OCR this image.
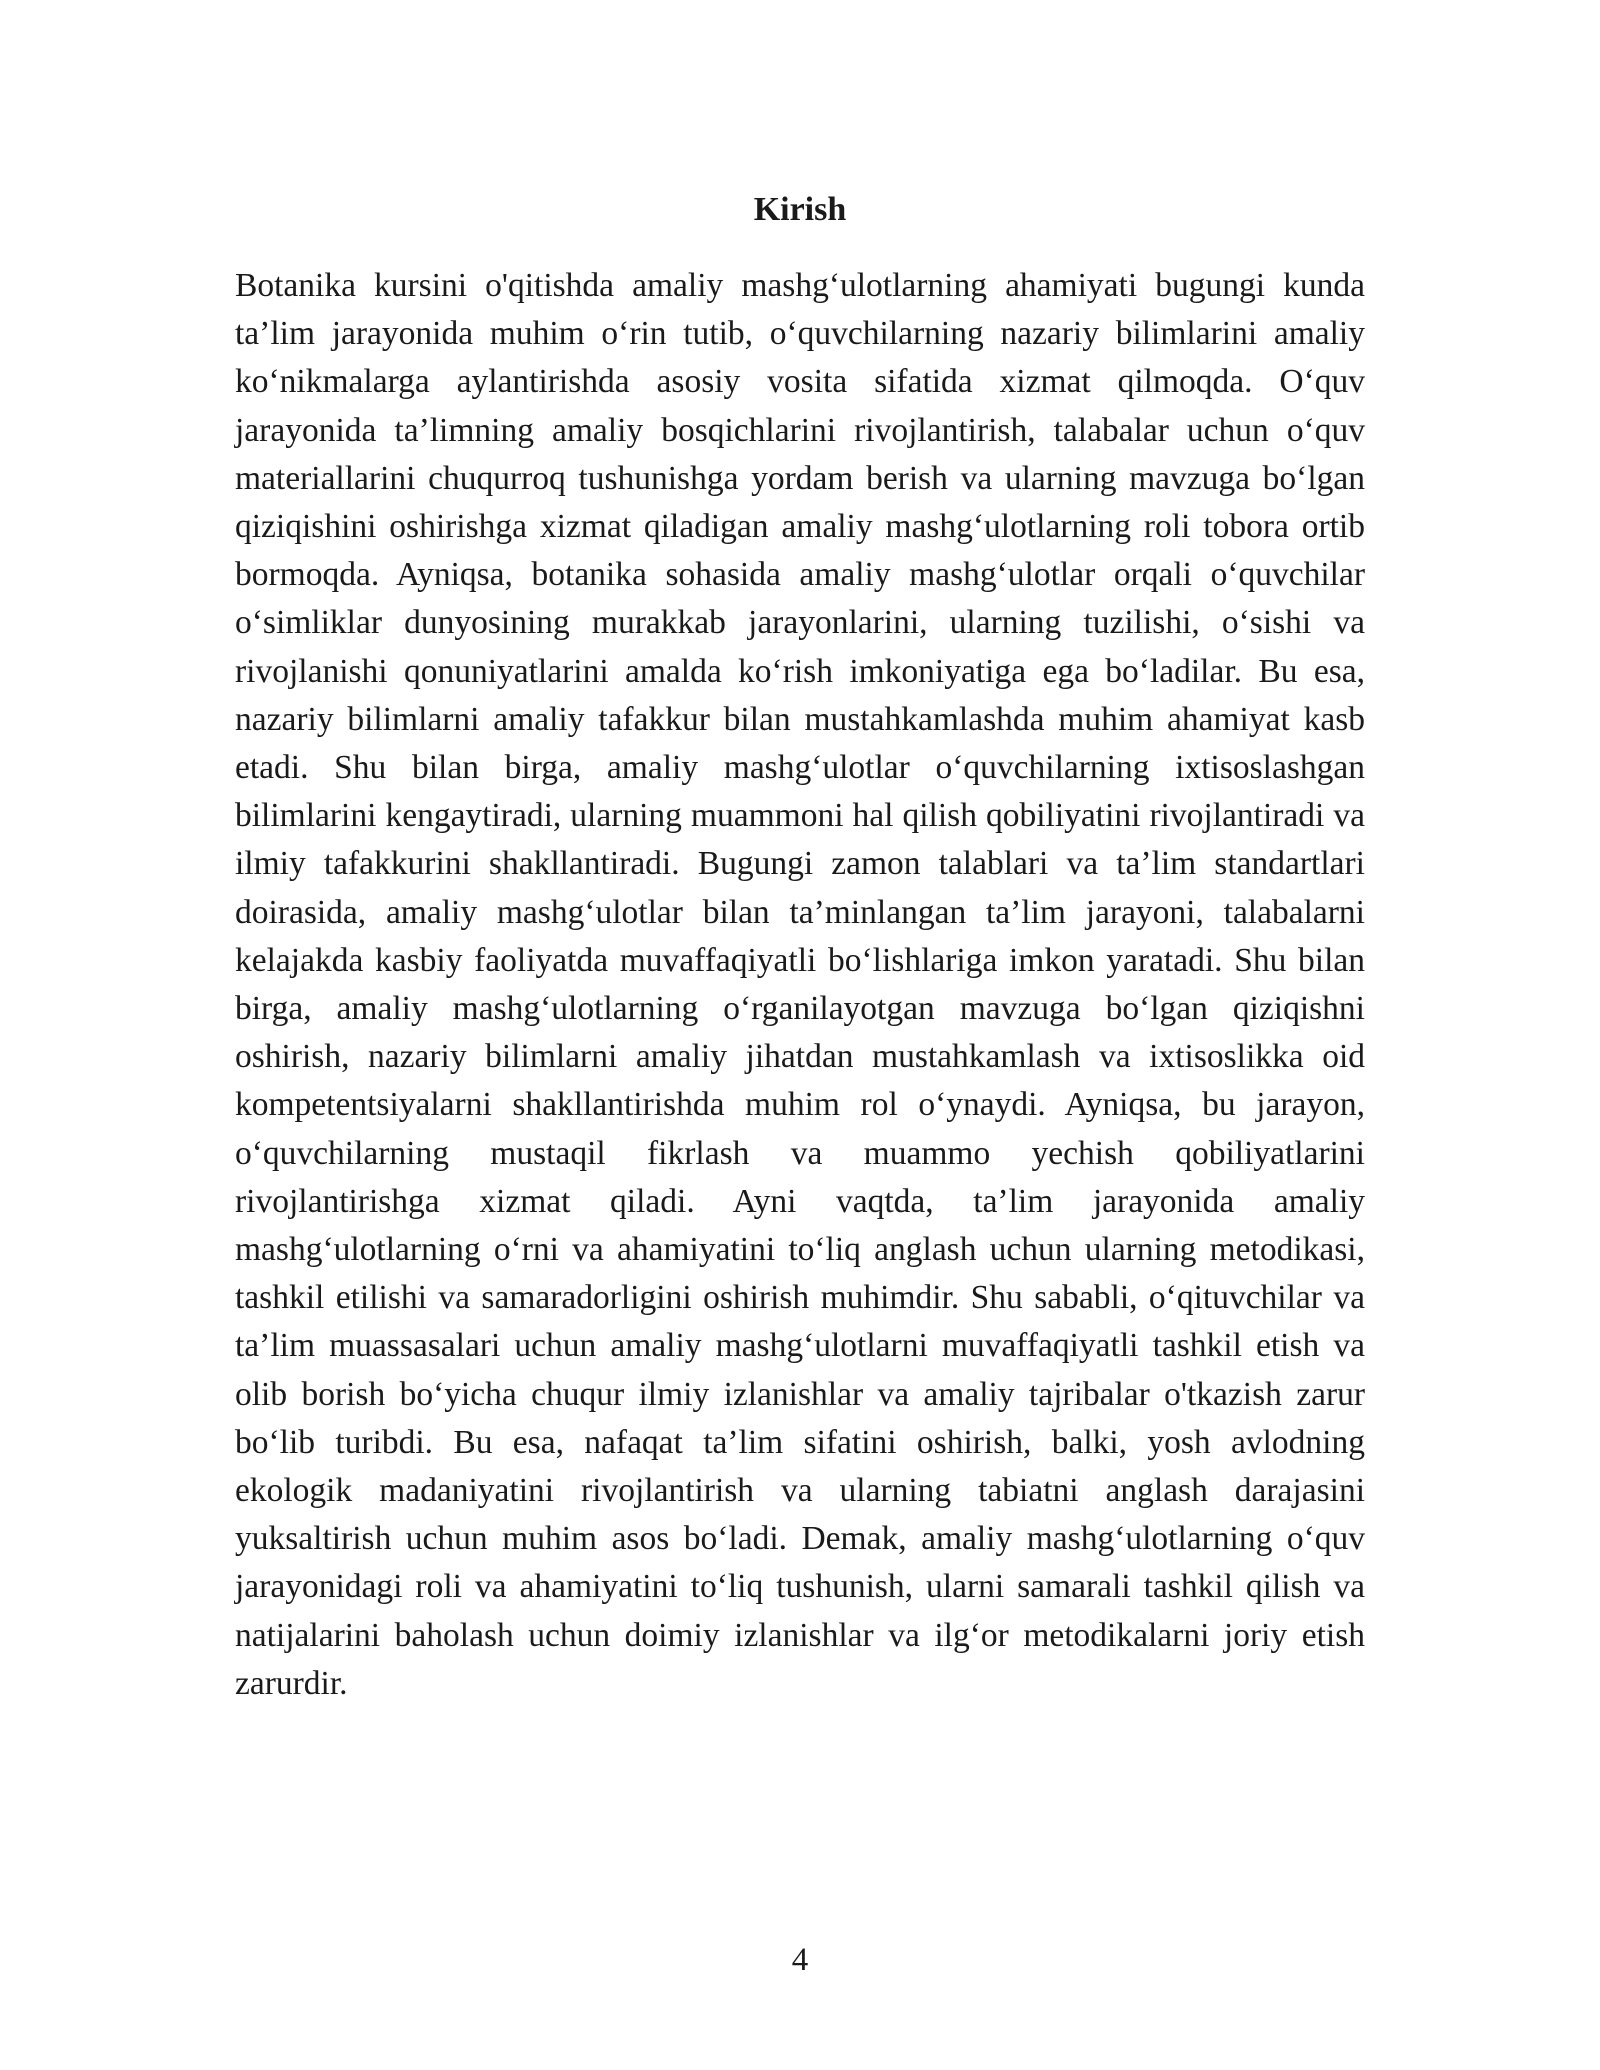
Kirish

Botanika kursini o'qitishda amaliy mashg‘ulotlarning ahamiyati bugungi kunda ta’lim jarayonida muhim o‘rin tutib, o‘quvchilarning nazariy bilimlarini amaliy ko‘nikmalarga aylantirishda asosiy vosita sifatida xizmat qilmoqda. O‘quv jarayonida ta’limning amaliy bosqichlarini rivojlantirish, talabalar uchun o‘quv materiallarini chuqurroq tushunishga yordam berish va ularning mavzuga bo‘lgan qiziqishini oshirishga xizmat qiladigan amaliy mashg‘ulotlarning roli tobora ortib bormoqda. Ayniqsa, botanika sohasida amaliy mashg‘ulotlar orqali o‘quvchilar o‘simliklar dunyosining murakkab jarayonlarini, ularning tuzilishi, o‘sishi va rivojlanishi qonuniyatlarini amalda ko‘rish imkoniyatiga ega bo‘ladilar. Bu esa, nazariy bilimlarni amaliy tafakkur bilan mustahkamlashda muhim ahamiyat kasb etadi. Shu bilan birga, amaliy mashg‘ulotlar o‘quvchilarning ixtisoslashgan bilimlarini kengaytiradi, ularning muammoni hal qilish qobiliyatini rivojlantiradi va ilmiy tafakkurini shakllantiradi. Bugungi zamon talablari va ta’lim standartlari doirasida, amaliy mashg‘ulotlar bilan ta’minlangan ta’lim jarayoni, talabalarni kelajakda kasbiy faoliyatda muvaffaqiyatli bo‘lishlariga imkon yaratadi. Shu bilan birga, amaliy mashg‘ulotlarning o‘rganilayotgan mavzuga bo‘lgan qiziqishni oshirish, nazariy bilimlarni amaliy jihatdan mustahkamlash va ixtisoslikka oid kompetentsiyalarni shakllantirishda muhim rol o‘ynaydi. Ayniqsa, bu jarayon, o‘quvchilarning mustaqil fikrlash va muammo yechish qobiliyatlarini rivojlantirishga xizmat qiladi. Ayni vaqtda, ta’lim jarayonida amaliy mashg‘ulotlarning o‘rni va ahamiyatini to‘liq anglash uchun ularning metodikasi, tashkil etilishi va samaradorligini oshirish muhimdir. Shu sababli, o‘qituvchilar va ta’lim muassasalari uchun amaliy mashg‘ulotlarni muvaffaqiyatli tashkil etish va olib borish bo‘yicha chuqur ilmiy izlanishlar va amaliy tajribalar o'tkazish zarur bo‘lib turibdi. Bu esa, nafaqat ta’lim sifatini oshirish, balki, yosh avlodning ekologik madaniyatini rivojlantirish va ularning tabiatni anglash darajasini yuksaltirish uchun muhim asos bo‘ladi. Demak, amaliy mashg‘ulotlarning o‘quv jarayonidagi roli va ahamiyatini to‘liq tushunish, ularni samarali tashkil qilish va natijalarini baholash uchun doimiy izlanishlar va ilg‘or metodikalarni joriy etish zarurdir.

4
